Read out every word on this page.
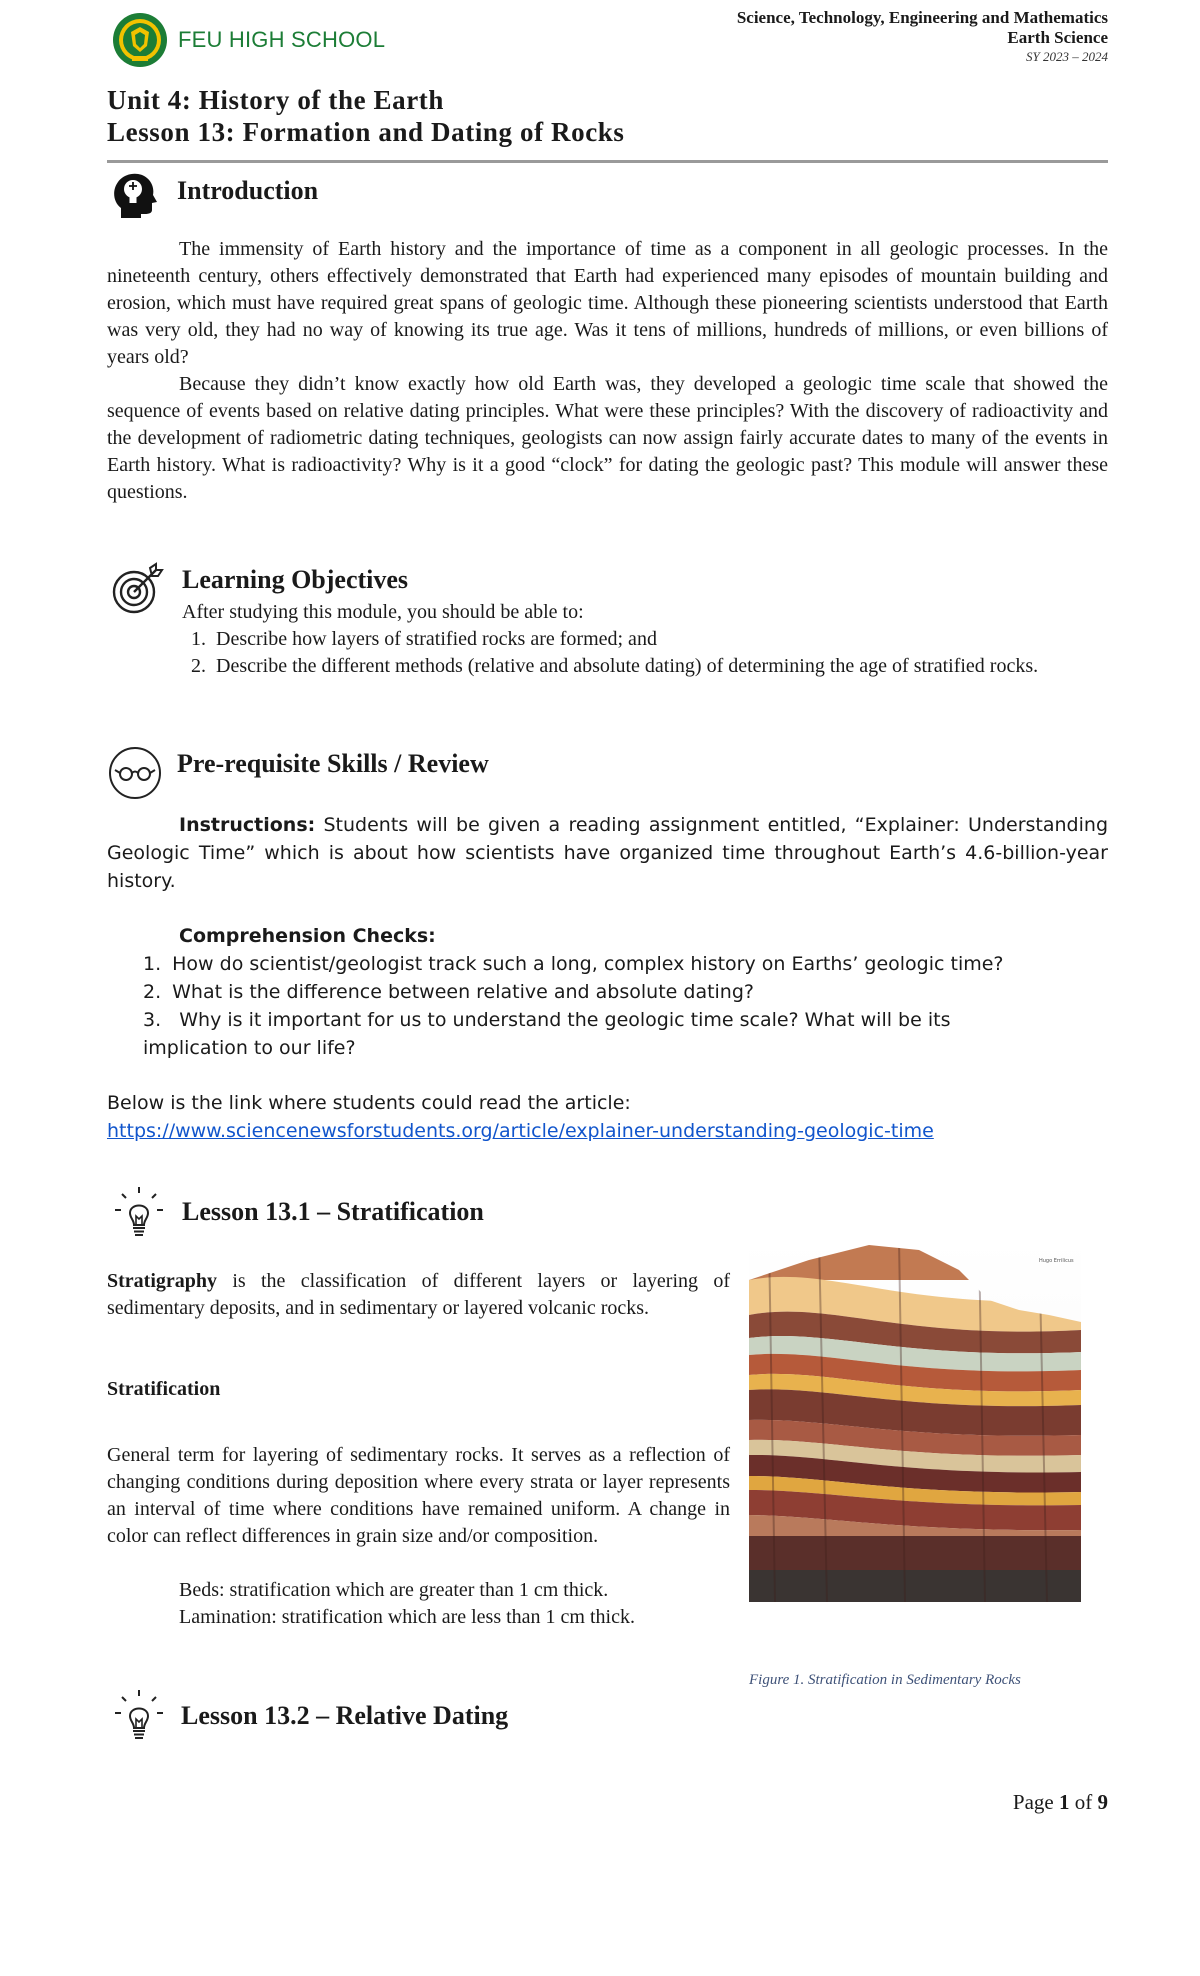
FEU HIGH SCHOOL
Science, Technology, Engineering and Mathematics
Earth Science
SY 2023 – 2024
Unit 4: History of the Earth
Lesson 13: Formation and Dating of Rocks
Introduction

The immensity of Earth history and the importance of time as a component in all geologic processes. In the nineteenth century, others effectively demonstrated that Earth had experienced many episodes of mountain building and erosion, which must have required great spans of geologic time. Although these pioneering scientists understood that Earth was very old, they had no way of knowing its true age. Was it tens of millions, hundreds of millions, or even billions of years old?

Because they didn’t know exactly how old Earth was, they developed a geologic time scale that showed the sequence of events based on relative dating principles. What were these principles? With the discovery of radioactivity and the development of radiometric dating techniques, geologists can now assign fairly accurate dates to many of the events in Earth history. What is radioactivity? Why is it a good “clock” for dating the geologic past? This module will answer these questions.

Learning Objectives
After studying this module, you should be able to:
1. Describe how layers of stratified rocks are formed; and
2. Describe the different methods (relative and absolute dating) of determining the age of stratified rocks.
Pre-requisite Skills / Review

Instructions: Students will be given a reading assignment entitled, “Explainer: Understanding Geologic Time” which is about how scientists have organized time throughout Earth’s 4.6-billion-year history.

Comprehension Checks:
1. How do scientist/geologist track such a long, complex history on Earths’ geologic time?
2. What is the difference between relative and absolute dating?
3. Why is it important for us to understand the geologic time scale? What will be its implication to our life?
Below is the link where students could read the article:
https://www.sciencenewsforstudents.org/article/explainer-understanding-geologic-time
Lesson 13.1 – Stratification
Stratigraphy is the classification of different layers or layering of sedimentary deposits, and in sedimentary or layered volcanic rocks.
Stratification
General term for layering of sedimentary rocks. It serves as a reflection of changing conditions during deposition where every strata or layer represents an interval of time where conditions have remained uniform. A change in color can reflect differences in grain size and/or composition.
Beds: stratification which are greater than 1 cm thick.
Lamination: stratification which are less than 1 cm thick.
Hugo Errilicus
Figure 1. Stratification in Sedimentary Rocks
Lesson 13.2 – Relative Dating
Page 1 of 9
